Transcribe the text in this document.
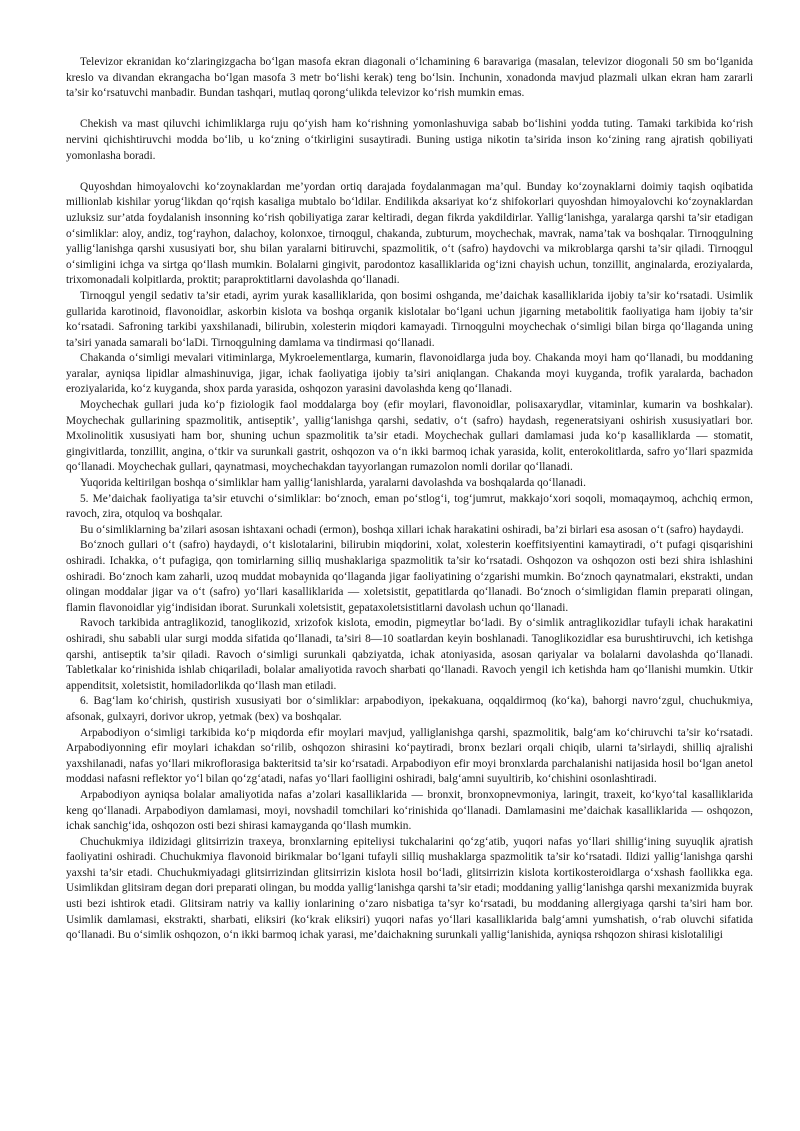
Televizor ekranidan ko‘zlaringizgacha bo‘lgan masofa ekran diagonali o‘lchamining 6 baravariga (masalan, televizor diogonali 50 sm bo‘lganida kreslo va divandan ekrangacha bo‘lgan masofa 3 metr bo‘lishi kerak) teng bo‘lsin. Inchunin, xonadonda mavjud plazmali ulkan ekran ham zararli ta’sir ko‘rsatuvchi manbadir. Bundan tashqari, mutlaq qorong‘ulikda televizor ko‘rish mumkin emas.

Chekish va mast qiluvchi ichimliklarga ruju qo‘yish ham ko‘rishning yomonlashuviga sabab bo‘lishini yodda tuting. Tamaki tarkibida ko‘rish nervini qichishtiruvchi modda bo‘lib, u ko‘zning o‘tkirligini susaytiradi. Buning ustiga nikotin ta’sirida inson ko‘zining rang ajratish qobiliyati yomonlasha boradi.

Quyoshdan himoyalovchi ko‘zoynaklardan me’yordan ortiq darajada foydalanmagan ma’qul. Bunday ko‘zoynaklarni doimiy taqish oqibatida millionlab kishilar yorug‘likdan qo‘rqish kasaliga mubtalo bo‘ldilar. Endilikda aksariyat ko‘z shifokorlari quyoshdan himoyalovchi ko‘zoynaklardan uzluksiz sur’atda foydalanish insonning ko‘rish qobiliyatiga zarar keltiradi, degan fikrda yakdildirlar. Yallig‘lanishga, yaralarga qarshi ta’sir etadigan o‘simliklar: aloy, andiz, tog‘rayhon, dalachoy, kolonxoe, tirnoqgul, chakanda, zubturum, moychechak, mavrak, nama’tak va boshqalar. Tirnoqgulning yallig‘lanishga qarshi xususiyati bor, shu bilan yaralarni bitiruvchi, spazmolitik, o‘t (safro) haydovchi va mikroblarga qarshi ta’sir qiladi. Tirnoqgul o‘simligini ichga va sirtga qo‘llash mumkin. Bolalarni gingivit, parodontoz kasalliklarida og‘izni chayish uchun, tonzillit, anginalarda, eroziyalarda, trixomonadali kolpitlarda, proktit; paraproktitlarni davolashda qo‘llanadi.

Tirnoqgul yengil sedativ ta’sir etadi, ayrim yurak kasalliklarida, qon bosimi oshganda, me’daichak kasalliklarida ijobiy ta’sir ko‘rsatadi. Usimlik gullarida karotinoid, flavonoidlar, askorbin kislota va boshqa organik kislotalar bo‘lgani uchun jigarning metabolitik faoliyatiga ham ijobiy ta’sir ko‘rsatadi. Safroning tarkibi yaxshilanadi, bilirubin, xolesterin miqdori kamayadi. Tirnoqgulni moychechak o‘simligi bilan birga qo‘llaganda uning ta’siri yanada samarali bo‘laDi. Tirnoqgulning damlama va tindirmasi qo‘llanadi.

Chakanda o‘simligi mevalari vitiminlarga, Mykroelementlarga, kumarin, flavonoidlarga juda boy. Chakanda moyi ham qo‘llanadi, bu moddaning yaralar, ayniqsa lipidlar almashinuviga, jigar, ichak faoliyatiga ijobiy ta’siri aniqlangan. Chakanda moyi kuyganda, trofik yaralarda, bachadon eroziyalarida, ko‘z kuyganda, shox parda yarasida, oshqozon yarasini davolashda keng qo‘llanadi.

Moychechak gullari juda ko‘p fiziologik faol moddalarga boy (efir moylari, flavonoidlar, polisaxarydlar, vitaminlar, kumarin va boshkalar). Moychechak gullarining spazmolitik, antiseptik’, yallig‘lanishga qarshi, sedativ, o‘t (safro) haydash, regeneratsiyani oshirish xususiyatlari bor. Mxolinolitik xususiyati ham bor, shuning uchun spazmolitik ta’sir etadi. Moychechak gullari damlamasi juda ko‘p kasalliklarda — stomatit, gingivitlarda, tonzillit, angina, o‘tkir va surunkali gastrit, oshqozon va o‘n ikki barmoq ichak yarasida, kolit, enterokolitlarda, safro yo‘llari spazmida qo‘llanadi. Moychechak gullari, qaynatmasi, moychechakdan tayyorlangan rumazolon nomli dorilar qo‘llanadi.

Yuqorida keltirilgan boshqa o‘simliklar ham yallig‘lanishlarda, yaralarni davolashda va boshqalarda qo‘llanadi.

5. Me’daichak faoliyatiga ta’sir etuvchi o‘simliklar: bo‘znoch, eman po‘stlog‘i, tog‘jumrut, makkajo‘xori soqoli, momaqaymoq, achchiq ermon, ravoch, zira, otquloq va boshqalar.

Bu o‘simliklarning ba’zilari asosan ishtaxani ochadi (ermon), boshqa xillari ichak harakatini oshiradi, ba’zi birlari esa asosan o‘t (safro) haydaydi.

Bo‘znoch gullari o‘t (safro) haydaydi, o‘t kislotalarini, bilirubin miqdorini, xolat, xolesterin koeffitsiyentini kamaytiradi, o‘t pufagi qisqarishini oshiradi. Ichakka, o‘t pufagiga, qon tomirlarning silliq mushaklariga spazmolitik ta’sir ko‘rsatadi. Oshqozon va oshqozon osti bezi shira ishlashini oshiradi. Bo‘znoch kam zaharli, uzoq muddat mobaynida qo‘llaganda jigar faoliyatining o‘zgarishi mumkin. Bo‘znoch qaynatmalari, ekstrakti, undan olingan moddalar jigar va o‘t (safro) yo‘llari kasalliklarida — xoletsistit, gepatitlarda qo‘llanadi. Bo‘znoch o‘simligidan flamin preparati olingan, flamin flavonoidlar yig‘indisidan iborat. Surunkali xoletsistit, gepataxoletsistitlarni davolash uchun qo‘llanadi.

Ravoch tarkibida antraglikozid, tanoglikozid, xrizofok kislota, emodin, pigmeytlar bo‘ladi. By o‘simlik antraglikozidlar tufayli ichak harakatini oshiradi, shu sababli ular surgi modda sifatida qo‘llanadi, ta’siri 8—10 soatlardan keyin boshlanadi. Tanoglikozidlar esa burushtiruvchi, ich ketishga qarshi, antiseptik ta’sir qiladi. Ravoch o‘simligi surunkali qabziyatda, ichak atoniyasida, asosan qariyalar va bolalarni davolashda qo‘llanadi. Tabletkalar ko‘rinishida ishlab chiqariladi, bolalar amaliyotida ravoch sharbati qo‘llanadi. Ravoch yengil ich ketishda ham qo‘llanishi mumkin. Utkir appenditsit, xoletsistit, homiladorlikda qo‘llash man etiladi.

6. Bag‘lam ko‘chirish, qustirish xususiyati bor o‘simliklar: arpabodiyon, ipekakuana, oqqaldirmoq (ko‘ka), bahorgi navro‘zgul, chuchukmiya, afsonak, gulxayri, dorivor ukrop, yetmak (bex) va boshqalar.

Arpabodiyon o‘simligi tarkibida ko‘p miqdorda efir moylari mavjud, yalliglanishga qarshi, spazmolitik, balg‘am ko‘chiruvchi ta’sir ko‘rsatadi. Arpabodiyonning efir moylari ichakdan so‘rilib, oshqozon shirasini ko‘paytiradi, bronx bezlari orqali chiqib, ularni ta’sirlaydi, shilliq ajralishi yaxshilanadi, nafas yo‘llari mikroflorasiga bakteritsid ta’sir ko‘rsatadi. Arpabodiyon efir moyi bronxlarda parchalanishi natijasida hosil bo‘lgan anetol moddasi nafasni reflektor yo‘l bilan qo‘zg‘atadi, nafas yo‘llari faolligini oshiradi, balg‘amni suyultirib, ko‘chishini osonlashtiradi.

Arpabodiyon ayniqsa bolalar amaliyotida nafas a’zolari kasalliklarida — bronxit, bronxopnevmoniya, laringit, traxeit, ko‘kyo‘tal kasalliklarida keng qo‘llanadi. Arpabodiyon damlamasi, moyi, novshadil tomchilari ko‘rinishida qo‘llanadi. Damlamasini me’daichak kasalliklarida — oshqozon, ichak sanchig‘ida, oshqozon osti bezi shirasi kamayganda qo‘llash mumkin.

Chuchukmiya ildizidagi glitsirrizin traxeya, bronxlarning epiteliysi tukchalarini qo‘zg‘atib, yuqori nafas yo‘llari shillig‘ining suyuqlik ajratish faoliyatini oshiradi. Chuchukmiya flavonoid birikmalar bo‘lgani tufayli silliq mushaklarga spazmolitik ta’sir ko‘rsatadi. Ildizi yallig‘lanishga qarshi yaxshi ta’sir etadi. Chuchukmiyadagi glitsirrizindan glitsirrizin kislota hosil bo‘ladi, glitsirrizin kislota kortikosteroidlarga o‘xshash faollikka ega. Usimlikdan glitsiram degan dori preparati olingan, bu modda yallig‘lanishga qarshi ta’sir etadi; moddaning yallig‘lanishga qarshi mexanizmida buyrak usti bezi ishtirok etadi. Glitsiram natriy va kalliy ionlarining o‘zaro nisbatiga ta’syr ko‘rsatadi, bu moddaning allergiyaga qarshi ta’siri ham bor. Usimlik damlamasi, ekstrakti, sharbati, eliksiri (ko‘krak eliksiri) yuqori nafas yo‘llari kasalliklarida balg‘amni yumshatish, o‘rab oluvchi sifatida qo‘llanadi. Bu o‘simlik oshqozon, o‘n ikki barmoq ichak yarasi, me’daichakning surunkali yallig‘lanishida, ayniqsa rshqozon shirasi kislotaliligi
